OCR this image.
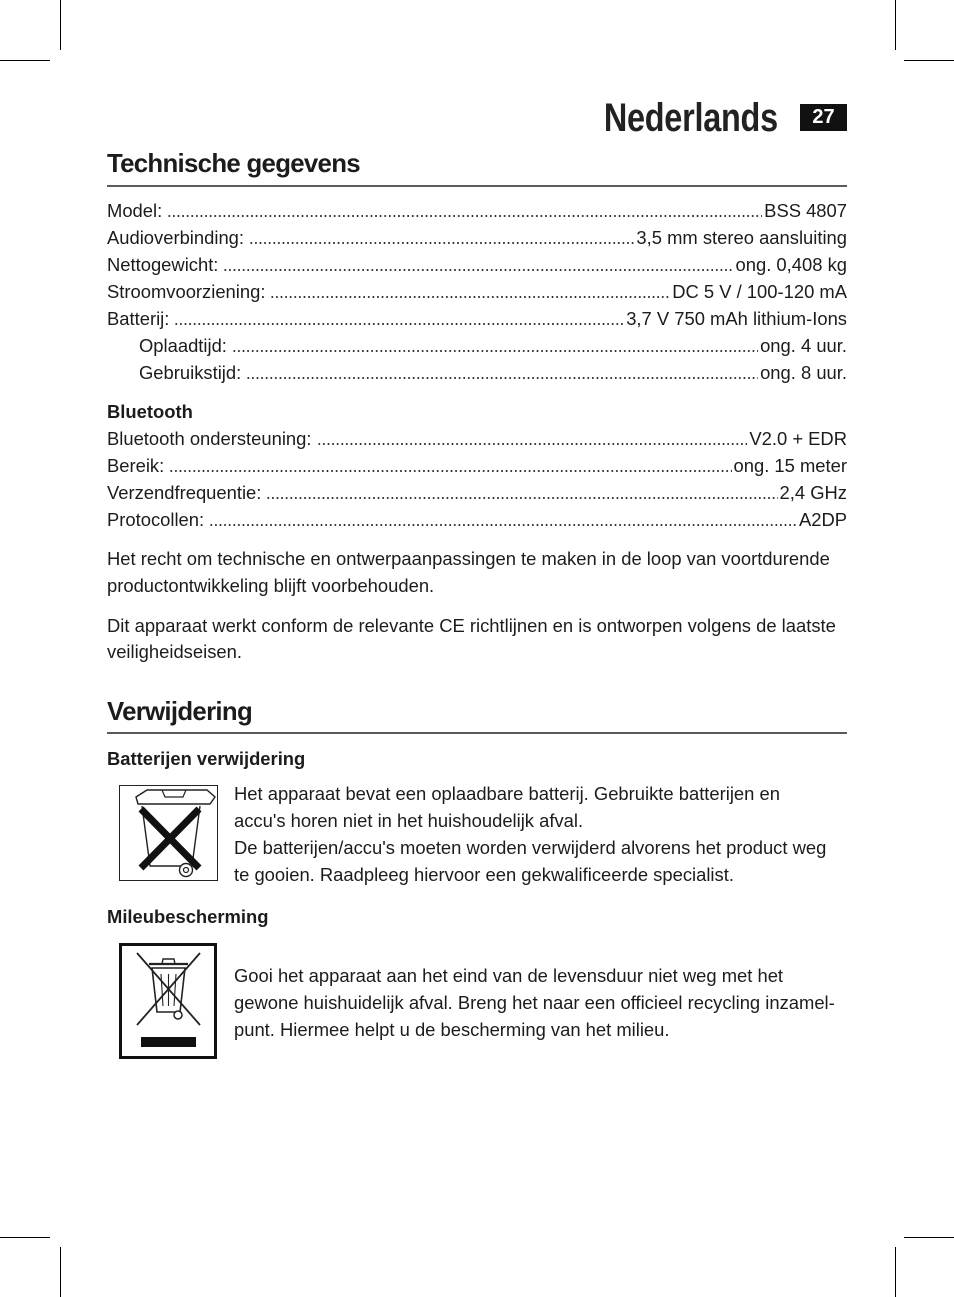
Nederlands	27
Technische gegevens
Model:	BSS 4807
Audioverbinding:	3,5 mm stereo aansluiting
Nettogewicht:	ong. 0,408 kg
Stroomvoorziening:	DC 5 V / 100-120 mA
Batterij:	3,7 V 750 mAh lithium-Ions
Oplaadtijd:	ong. 4 uur.
Gebruikstijd:	ong. 8 uur.
Bluetooth
Bluetooth ondersteuning:	V2.0 + EDR
Bereik:	ong. 15 meter
Verzendfrequentie:	2,4 GHz
Protocollen:	A2DP
Het recht om technische en ontwerpaanpassingen te maken in de loop van voortdurende
productontwikkeling blijft voorbehouden.
Dit apparaat werkt conform de relevante CE richtlijnen en is ontworpen volgens de laatste
veiligheidseisen.
Verwijdering
Batterijen verwijdering
Het apparaat bevat een oplaadbare batterij. Gebruikte batterijen en
accu's horen niet in het huishoudelijk afval.
De batterijen/accu's moeten worden verwijderd alvorens het product weg
te gooien. Raadpleeg hiervoor een gekwalificeerde specialist.
Mileubescherming
Gooi het apparaat aan het eind van de levensduur niet weg met het
gewone huishuidelijk afval. Breng het naar een officieel recycling inzamel-
punt. Hiermee helpt u de bescherming van het milieu.
